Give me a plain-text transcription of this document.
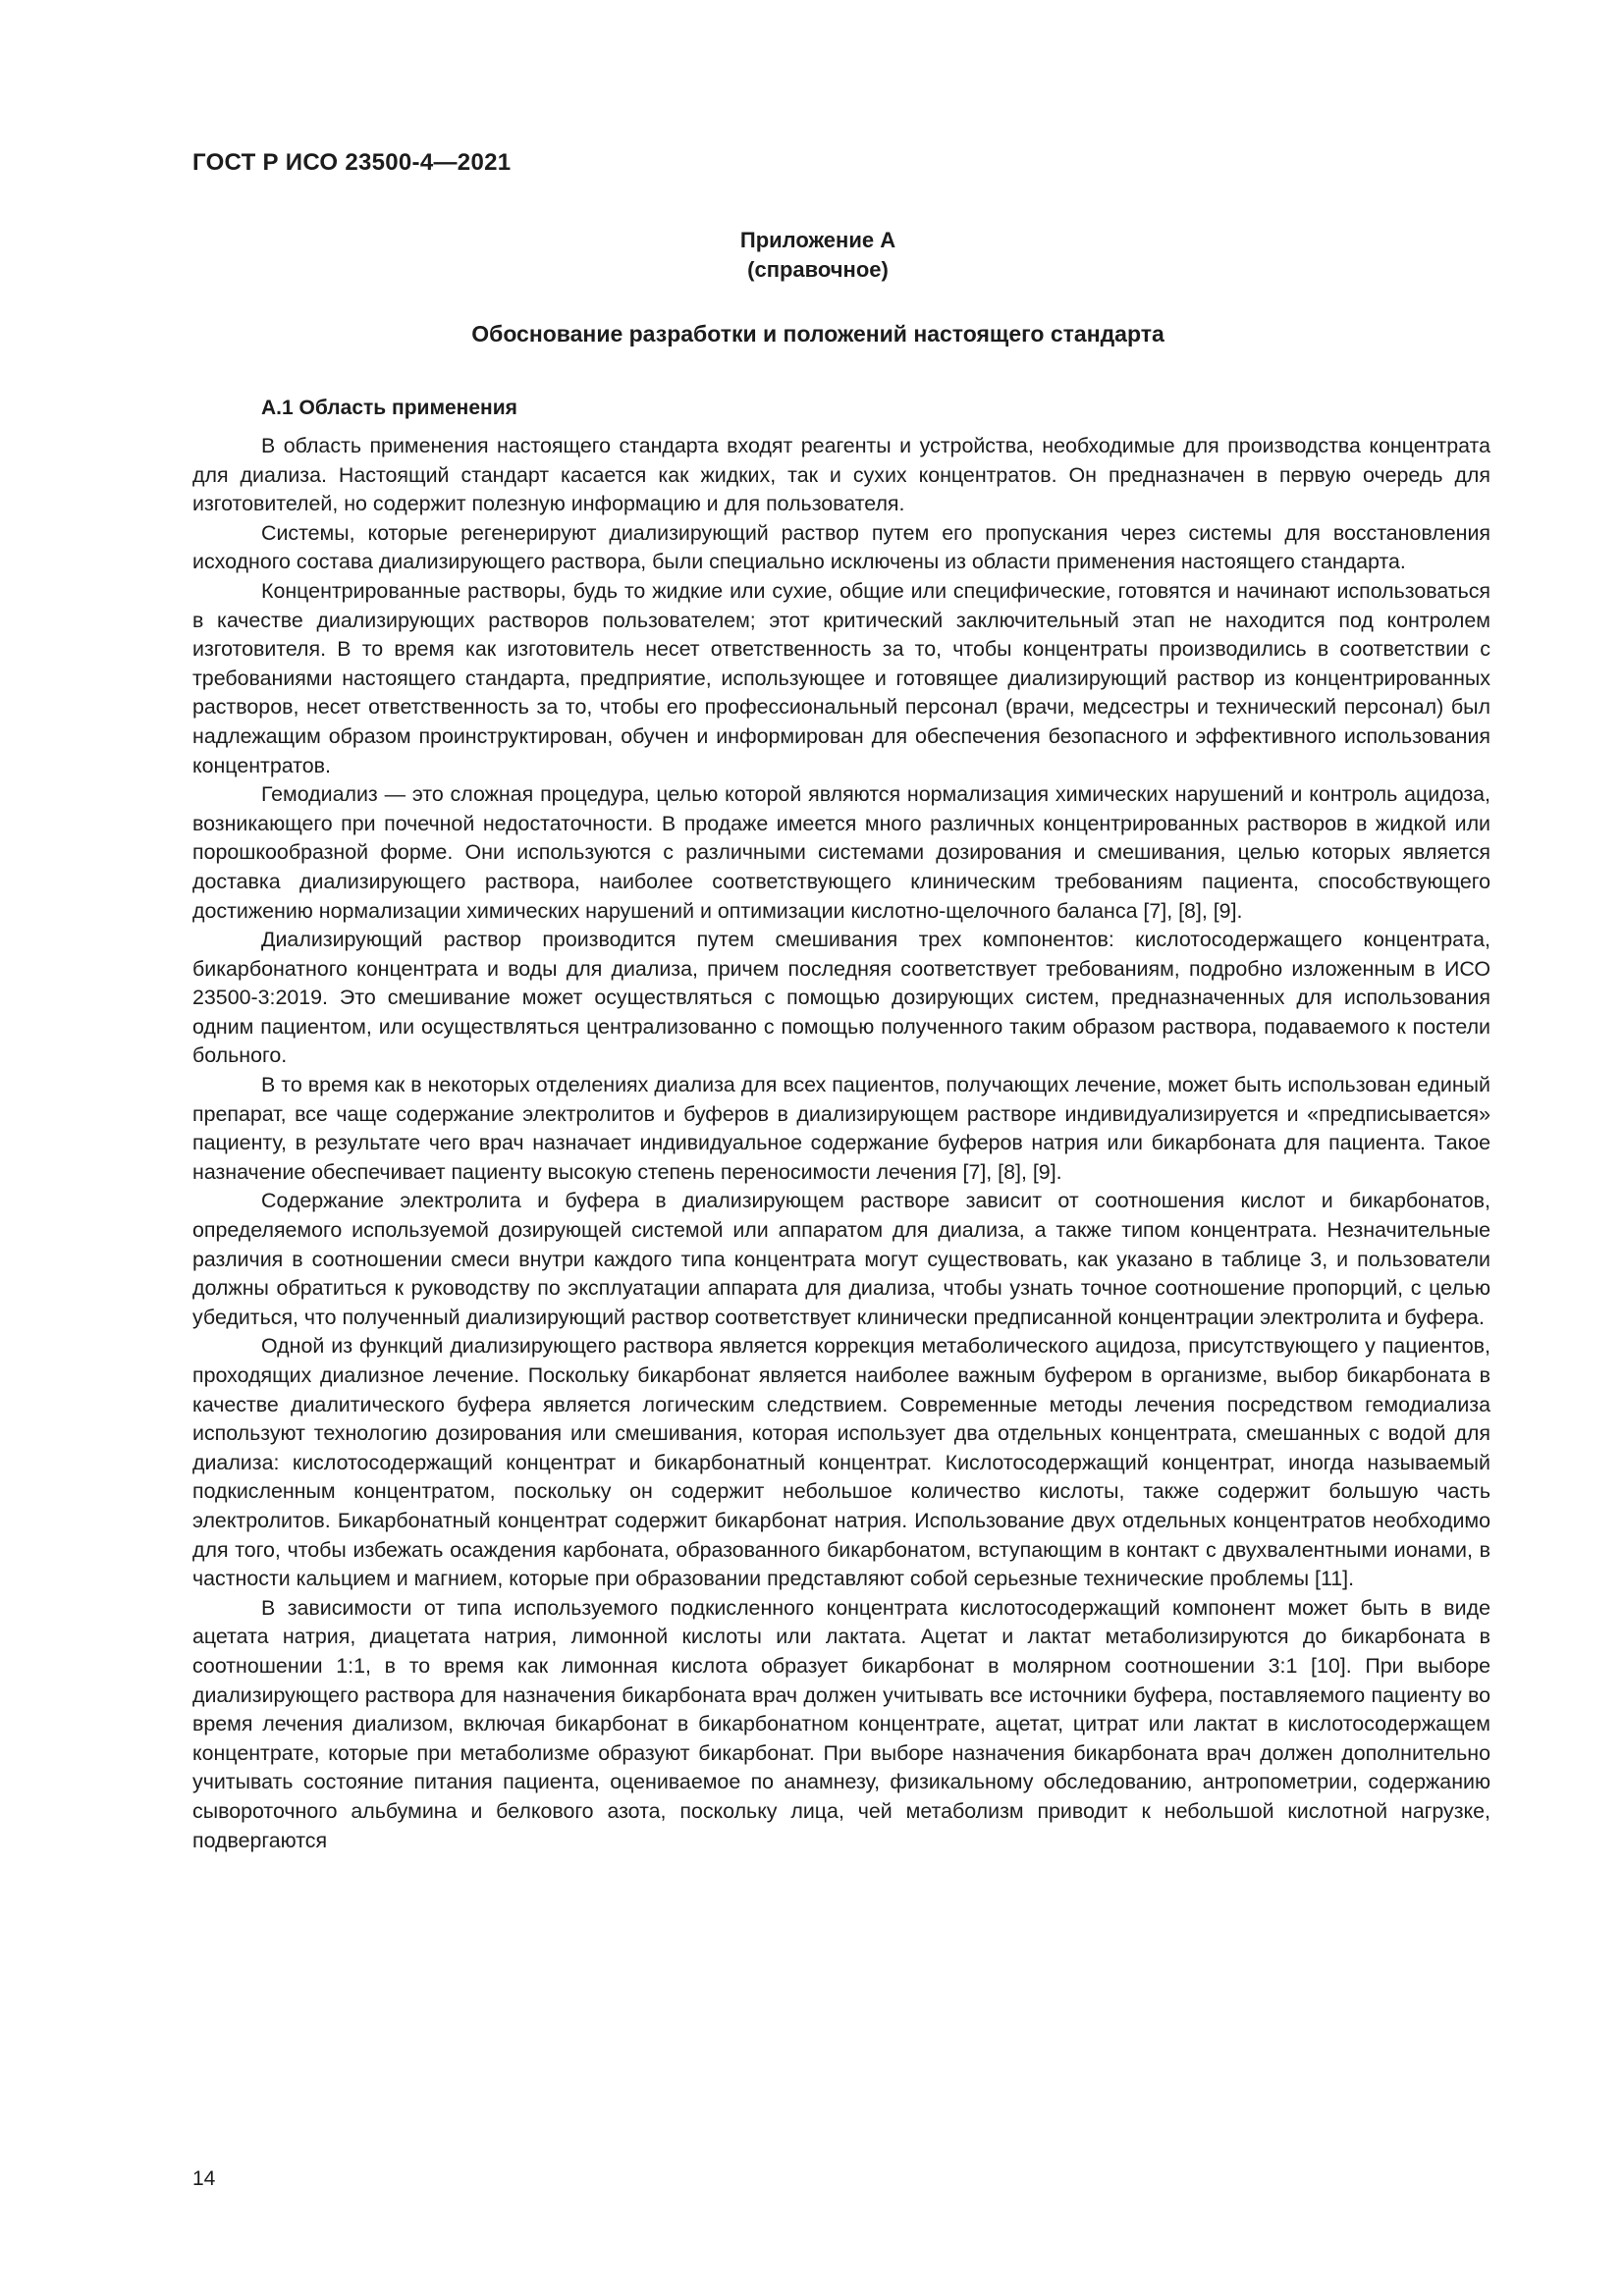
ГОСТ Р ИСО 23500-4—2021
Приложение А
(справочное)
Обоснование разработки и положений настоящего стандарта
А.1 Область применения

В область применения настоящего стандарта входят реагенты и устройства, необходимые для производства концентрата для диализа. Настоящий стандарт касается как жидких, так и сухих концентратов. Он предназначен в первую очередь для изготовителей, но содержит полезную информацию и для пользователя.

Системы, которые регенерируют диализирующий раствор путем его пропускания через системы для восстановления исходного состава диализирующего раствора, были специально исключены из области применения настоящего стандарта.

Концентрированные растворы, будь то жидкие или сухие, общие или специфические, готовятся и начинают использоваться в качестве диализирующих растворов пользователем; этот критический заключительный этап не находится под контролем изготовителя. В то время как изготовитель несет ответственность за то, чтобы концентраты производились в соответствии с требованиями настоящего стандарта, предприятие, использующее и готовящее диализирующий раствор из концентрированных растворов, несет ответственность за то, чтобы его профессиональный персонал (врачи, медсестры и технический персонал) был надлежащим образом проинструктирован, обучен и информирован для обеспечения безопасного и эффективного использования концентратов.

Гемодиализ — это сложная процедура, целью которой являются нормализация химических нарушений и контроль ацидоза, возникающего при почечной недостаточности. В продаже имеется много различных концентрированных растворов в жидкой или порошкообразной форме. Они используются с различными системами дозирования и смешивания, целью которых является доставка диализирующего раствора, наиболее соответствующего клиническим требованиям пациента, способствующего достижению нормализации химических нарушений и оптимизации кислотно-щелочного баланса [7], [8], [9].

Диализирующий раствор производится путем смешивания трех компонентов: кислотосодержащего концентрата, бикарбонатного концентрата и воды для диализа, причем последняя соответствует требованиям, подробно изложенным в ИСО 23500-3:2019. Это смешивание может осуществляться с помощью дозирующих систем, предназначенных для использования одним пациентом, или осуществляться централизованно с помощью полученного таким образом раствора, подаваемого к постели больного.

В то время как в некоторых отделениях диализа для всех пациентов, получающих лечение, может быть использован единый препарат, все чаще содержание электролитов и буферов в диализирующем растворе индивидуализируется и «предписывается» пациенту, в результате чего врач назначает индивидуальное содержание буферов натрия или бикарбоната для пациента. Такое назначение обеспечивает пациенту высокую степень переносимости лечения [7], [8], [9].

Содержание электролита и буфера в диализирующем растворе зависит от соотношения кислот и бикарбонатов, определяемого используемой дозирующей системой или аппаратом для диализа, а также типом концентрата. Незначительные различия в соотношении смеси внутри каждого типа концентрата могут существовать, как указано в таблице 3, и пользователи должны обратиться к руководству по эксплуатации аппарата для диализа, чтобы узнать точное соотношение пропорций, с целью убедиться, что полученный диализирующий раствор соответствует клинически предписанной концентрации электролита и буфера.

Одной из функций диализирующего раствора является коррекция метаболического ацидоза, присутствующего у пациентов, проходящих диализное лечение. Поскольку бикарбонат является наиболее важным буфером в организме, выбор бикарбоната в качестве диалитического буфера является логическим следствием. Современные методы лечения посредством гемодиализа используют технологию дозирования или смешивания, которая использует два отдельных концентрата, смешанных с водой для диализа: кислотосодержащий концентрат и бикарбонатный концентрат. Кислотосодержащий концентрат, иногда называемый подкисленным концентратом, поскольку он содержит небольшое количество кислоты, также содержит большую часть электролитов. Бикарбонатный концентрат содержит бикарбонат натрия. Использование двух отдельных концентратов необходимо для того, чтобы избежать осаждения карбоната, образованного бикарбонатом, вступающим в контакт с двухвалентными ионами, в частности кальцием и магнием, которые при образовании представляют собой серьезные технические проблемы [11].

В зависимости от типа используемого подкисленного концентрата кислотосодержащий компонент может быть в виде ацетата натрия, диацетата натрия, лимонной кислоты или лактата. Ацетат и лактат метаболизируются до бикарбоната в соотношении 1:1, в то время как лимонная кислота образует бикарбонат в молярном соотношении 3:1 [10]. При выборе диализирующего раствора для назначения бикарбоната врач должен учитывать все источники буфера, поставляемого пациенту во время лечения диализом, включая бикарбонат в бикарбонатном концентрате, ацетат, цитрат или лактат в кислотосодержащем концентрате, которые при метаболизме образуют бикарбонат. При выборе назначения бикарбоната врач должен дополнительно учитывать состояние питания пациента, оцениваемое по анамнезу, физикальному обследованию, антропометрии, содержанию сывороточного альбумина и белкового азота, поскольку лица, чей метаболизм приводит к небольшой кислотной нагрузке, подвергаются

14
